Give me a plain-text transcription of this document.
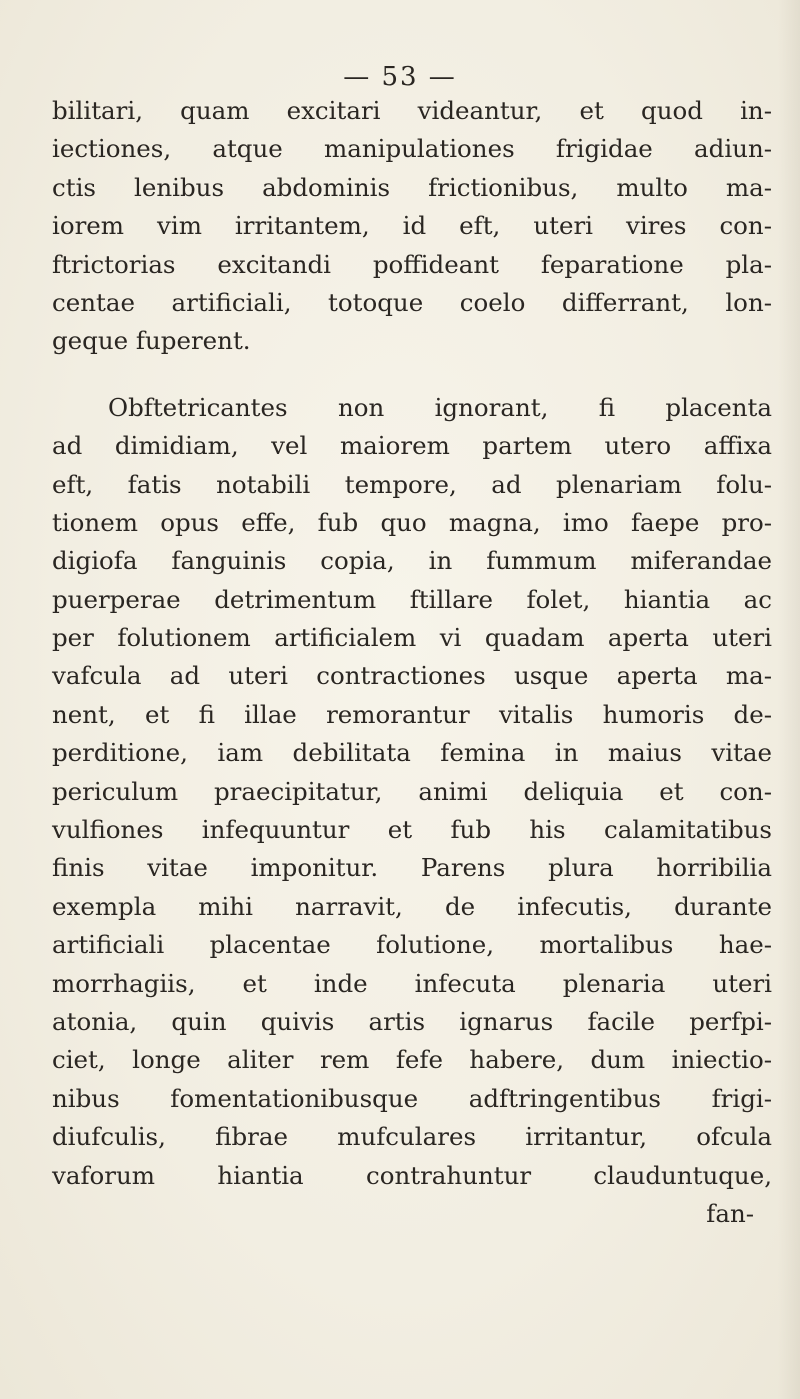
— 53 —
bilitari, quam excitari videantur, et quod in-
iectiones, atque manipulationes frigidae adiun-
ctis lenibus abdominis frictionibus, multo ma-
iorem vim irritantem, id eft, uteri vires con-
ftrictorias excitandi poffideant feparatione pla-
centae artificiali, totoque coelo differrant, lon-
geque fuperent.
Obftetricantes non ignorant, fi placenta
ad dimidiam, vel maiorem partem utero affixa
eft, fatis notabili tempore, ad plenariam folu-
tionem opus effe, fub quo magna, imo faepe pro-
digiofa fanguinis copia, in fummum miferandae
puerperae detrimentum ftillare folet, hiantia ac
per folutionem artificialem vi quadam aperta uteri
vafcula ad uteri contractiones usque aperta ma-
nent, et fi illae remorantur vitalis humoris de-
perditione, iam debilitata femina in maius vitae
periculum praecipitatur, animi deliquia et con-
vulfiones infequuntur et fub his calamitatibus
finis vitae imponitur. Parens plura horribilia
exempla mihi narravit, de infecutis, durante
artificiali placentae folutione, mortalibus hae-
morrhagiis, et inde infecuta plenaria uteri
atonia, quin quivis artis ignarus facile perfpi-
ciet, longe aliter rem fefe habere, dum iniectio-
nibus fomentationibusque adftringentibus frigi-
diufculis, fibrae mufculares irritantur, ofcula
vaforum hiantia contrahuntur clauduntuque,
fan-
